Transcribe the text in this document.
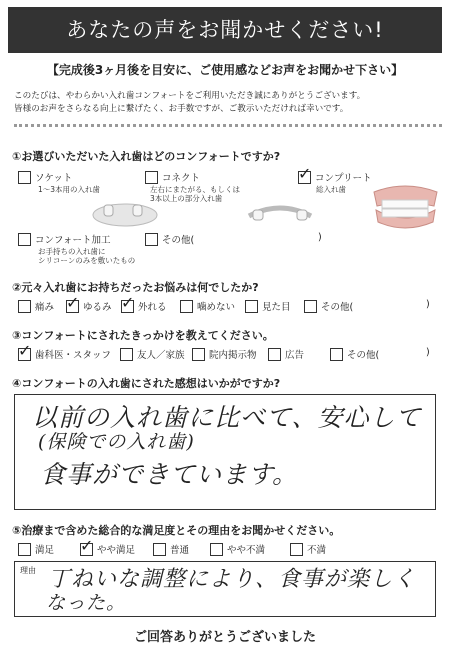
あなたの声をお聞かせください!
【完成後3ヶ月後を目安に、ご使用感などお声をお聞かせ下さい】
このたびは、やわらかい入れ歯コンフォートをご利用いただき誠にありがとうございます。
皆様のお声をさらなる向上に繋げたく、お手数ですが、ご教示いただければ幸いです。
①お選びいただいた入れ歯はどのコンフォートですか?
ソケット
1～3本用の入れ歯
コネクト
左右にまたがる、もしくは
3本以上の部分入れ歯
✓
コンプリート
総入れ歯
コンフォート加工
お手持ちの入れ歯に
シリコーンのみを敷いたもの
その他(	)
②元々入れ歯にお持ちだったお悩みは何でしたか?
痛み ✓	ゆるみ ✓	外れる	噛めない	見た目	その他(	)
③コンフォートにされたきっかけを教えてください。
✓
歯科医・スタッフ	友人／家族	院内掲示物	広告	その他(	)
④コンフォートの入れ歯にされた感想はいかがですか?
以前の入れ歯に比べて、安心して
(保険での入れ歯)
食事ができています。
⑤治療まで含めた総合的な満足度とその理由をお聞かせください。
満足 ✓	やや満足	普通	やや不満	不満
理由 丁ねいな調整により、食事が楽しく
なった。
ご回答ありがとうございました
